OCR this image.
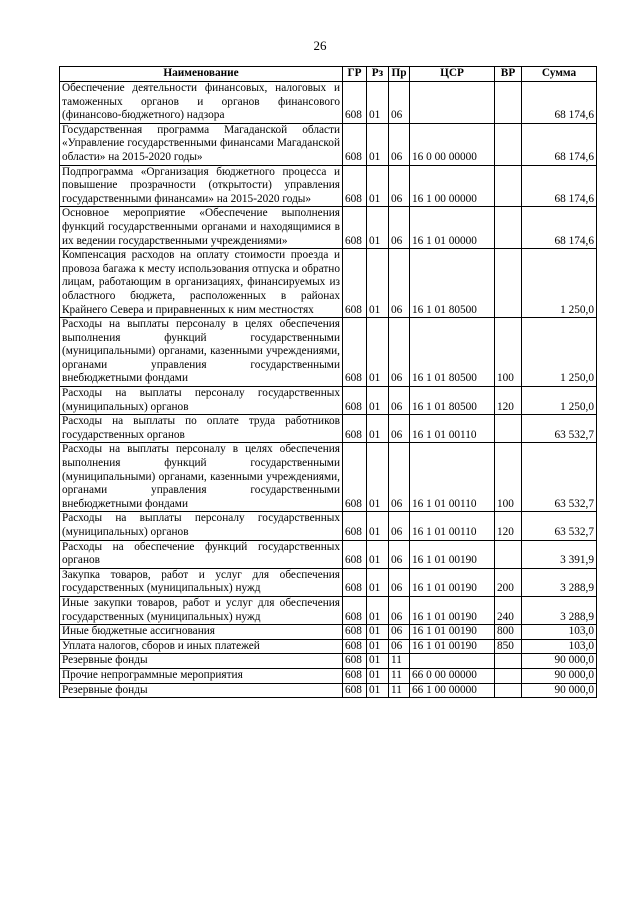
26
Наименование	ГР	Рз	Пр	ЦСР	ВР	Сумма
Обеспечение деятельности финансовых, налоговых и таможенных органов и органов финансового (финансово-бюджетного) надзора	608	01	06			68 174,6
Государственная программа Магаданской области «Управление государственными финансами Магаданской области» на 2015-2020 годы»	608	01	06	16 0 00 00000		68 174,6
Подпрограмма «Организация бюджетного процесса и повышение прозрачности (открытости) управления государственными финансами» на 2015-2020 годы»	608	01	06	16 1 00 00000		68 174,6
Основное мероприятие «Обеспечение выполнения функций государственными органами и находящимися в их ведении государственными учреждениями»	608	01	06	16 1 01 00000		68 174,6
Компенсация расходов на оплату стоимости проезда и провоза багажа к месту использования отпуска и обратно лицам, работающим в организациях, финансируемых из областного бюджета, расположенных в районах Крайнего Севера и приравненных к ним местностях	608	01	06	16 1 01 80500		1 250,0
Расходы на выплаты персоналу в целях обеспечения выполнения функций государственными (муниципальными) органами, казенными учреждениями, органами управления государственными внебюджетными фондами	608	01	06	16 1 01 80500	100	1 250,0
Расходы на выплаты персоналу государственных (муниципальных) органов	608	01	06	16 1 01 80500	120	1 250,0
Расходы на выплаты по оплате труда работников государственных органов	608	01	06	16 1 01 00110		63 532,7
Расходы на выплаты персоналу в целях обеспечения выполнения функций государственными (муниципальными) органами, казенными учреждениями, органами управления государственными внебюджетными фондами	608	01	06	16 1 01 00110	100	63 532,7
Расходы на выплаты персоналу государственных (муниципальных) органов	608	01	06	16 1 01 00110	120	63 532,7
Расходы на обеспечение функций государственных органов	608	01	06	16 1 01 00190		3 391,9
Закупка товаров, работ и услуг для обеспечения государственных (муниципальных) нужд	608	01	06	16 1 01 00190	200	3 288,9
Иные закупки товаров, работ и услуг для обеспечения государственных (муниципальных) нужд	608	01	06	16 1 01 00190	240	3 288,9
Иные бюджетные ассигнования	608	01	06	16 1 01 00190	800	103,0
Уплата налогов, сборов и иных платежей	608	01	06	16 1 01 00190	850	103,0
Резервные фонды	608	01	11			90 000,0
Прочие непрограммные мероприятия	608	01	11	66 0 00 00000		90 000,0
Резервные фонды	608	01	11	66 1 00 00000		90 000,0
